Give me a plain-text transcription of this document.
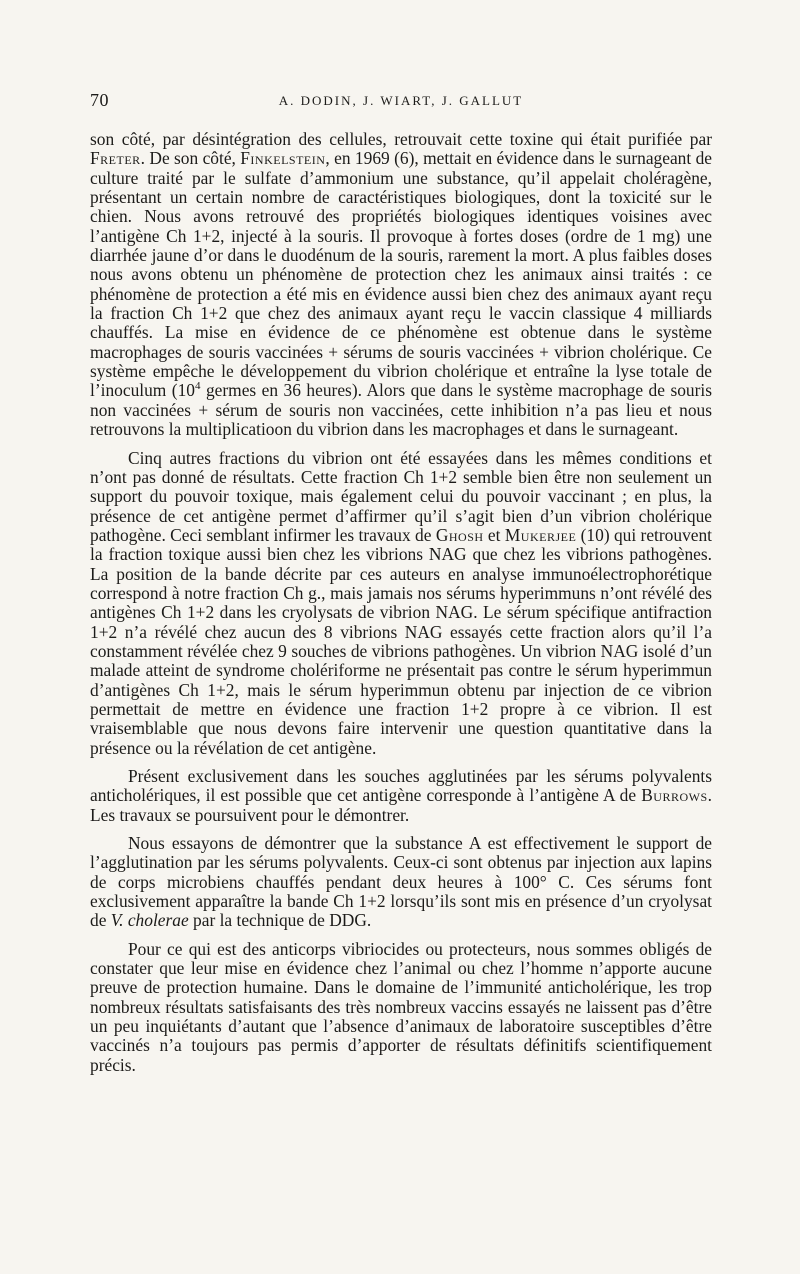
70	A. DODIN, J. WIART, J. GALLUT

son côté, par désintégration des cellules, retrouvait cette toxine qui était purifiée par Freter. De son côté, Finkelstein, en 1969 (6), mettait en évidence dans le surnageant de culture traité par le sulfate d’ammonium une substance, qu’il appelait choléragène, présentant un certain nombre de caractéristiques biologiques, dont la toxicité sur le chien. Nous avons retrouvé des propriétés biologiques identiques voisines avec l’antigène Ch 1+2, injecté à la souris. Il provoque à fortes doses (ordre de 1 mg) une diarrhée jaune d’or dans le duodénum de la souris, rarement la mort. A plus faibles doses nous avons obtenu un phénomène de protection chez les animaux ainsi traités : ce phénomène de protection a été mis en évidence aussi bien chez des animaux ayant reçu la fraction Ch 1+2 que chez des animaux ayant reçu le vaccin classique 4 milliards chauffés. La mise en évidence de ce phénomène est obtenue dans le système macrophages de souris vaccinées + sérums de souris vaccinées + vibrion cholérique. Ce système empêche le développement du vibrion cholérique et entraîne la lyse totale de l’inoculum ($10^4$ germes en 36 heures). Alors que dans le système macrophage de souris non vaccinées + sérum de souris non vaccinées, cette inhibition n’a pas lieu et nous retrouvons la multiplicatioon du vibrion dans les macrophages et dans le surnageant.

Cinq autres fractions du vibrion ont été essayées dans les mêmes conditions et n’ont pas donné de résultats. Cette fraction Ch 1+2 semble bien être non seulement un support du pouvoir toxique, mais également celui du pouvoir vaccinant ; en plus, la présence de cet antigène permet d’affirmer qu’il s’agit bien d’un vibrion cholérique pathogène. Ceci semblant infirmer les travaux de Ghosh et Mukerjee (10) qui retrouvent la fraction toxique aussi bien chez les vibrions NAG que chez les vibrions pathogènes. La position de la bande décrite par ces auteurs en analyse immunoélectrophorétique correspond à notre fraction Ch g., mais jamais nos sérums hyperimmuns n’ont révélé des antigènes Ch 1+2 dans les cryolysats de vibrion NAG. Le sérum spécifique antifraction 1+2 n’a révélé chez aucun des 8 vibrions NAG essayés cette fraction alors qu’il l’a constamment révélée chez 9 souches de vibrions pathogènes. Un vibrion NAG isolé d’un malade atteint de syndrome cholériforme ne présentait pas contre le sérum hyperimmun d’antigènes Ch 1+2, mais le sérum hyperimmun obtenu par injection de ce vibrion permettait de mettre en évidence une fraction 1+2 propre à ce vibrion. Il est vraisemblable que nous devons faire intervenir une question quantitative dans la présence ou la révélation de cet antigène.

Présent exclusivement dans les souches agglutinées par les sérums polyvalents anticholériques, il est possible que cet antigène corresponde à l’antigène A de Burrows. Les travaux se poursuivent pour le démontrer.

Nous essayons de démontrer que la substance A est effectivement le support de l’agglutination par les sérums polyvalents. Ceux-ci sont obtenus par injection aux lapins de corps microbiens chauffés pendant deux heures à 100° C. Ces sérums font exclusivement apparaître la bande Ch 1+2 lorsqu’ils sont mis en présence d’un cryolysat de V. cholerae par la technique de DDG.

Pour ce qui est des anticorps vibriocides ou protecteurs, nous sommes obligés de constater que leur mise en évidence chez l’animal ou chez l’homme n’apporte aucune preuve de protection humaine. Dans le domaine de l’immunité anticholérique, les trop nombreux résultats satisfaisants des très nombreux vaccins essayés ne laissent pas d’être un peu inquiétants d’autant que l’absence d’animaux de laboratoire susceptibles d’être vaccinés n’a toujours pas permis d’apporter de résultats définitifs scientifiquement précis.
